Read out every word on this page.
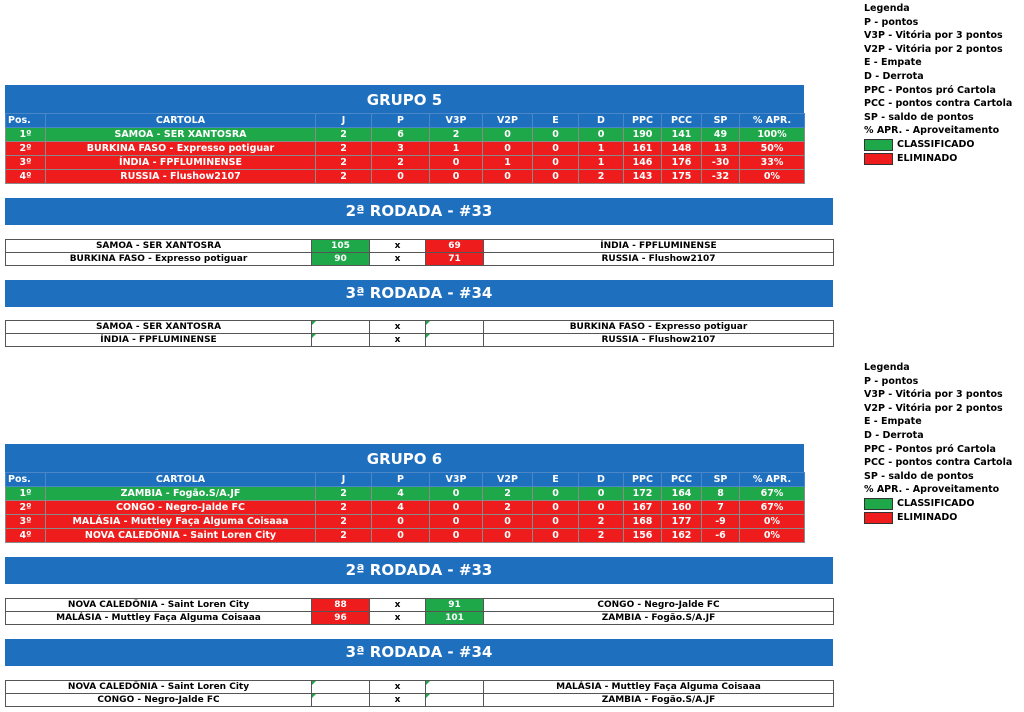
Legenda
P - pontos
V3P - Vitória por 3 pontos
V2P - Vitória por 2 pontos
E - Empate
D - Derrota
PPC - Pontos pró Cartola
PCC - pontos contra Cartola
SP - saldo de pontos
% APR. - Aproveitamento
CLASSIFICADO
ELIMINADO
GRUPO 5
Pos.	CARTOLA	J	P	V3P	V2P	E	D	PPC	PCC	SP	% APR.
1º	SAMOA - SER XANTOSRA	2	6	2	0	0	0	190	141	49	100%
2º	BURKINA FASO - Expresso potiguar	2	3	1	0	0	1	161	148	13	50%
3º	ÍNDIA - FPFLUMINENSE	2	2	0	1	0	1	146	176	-30	33%
4º	RUSSIA - Flushow2107	2	0	0	0	0	2	143	175	-32	0%
2ª RODADA - #33
SAMOA - SER XANTOSRA	105	x	69	ÍNDIA - FPFLUMINENSE
BURKINA FASO - Expresso potiguar	90	x	71	RUSSIA - Flushow2107
3ª RODADA - #34
SAMOA - SER XANTOSRA		x		BURKINA FASO - Expresso potiguar
ÍNDIA - FPFLUMINENSE		x		RUSSIA - Flushow2107
Legenda
P - pontos
V3P - Vitória por 3 pontos
V2P - Vitória por 2 pontos
E - Empate
D - Derrota
PPC - Pontos pró Cartola
PCC - pontos contra Cartola
SP - saldo de pontos
% APR. - Aproveitamento
CLASSIFICADO
ELIMINADO
GRUPO 6
Pos.	CARTOLA	J	P	V3P	V2P	E	D	PPC	PCC	SP	% APR.
1º	ZAMBIA - Fogão.S/A.JF	2	4	0	2	0	0	172	164	8	67%
2º	CONGO - Negro-Jalde FC	2	4	0	2	0	0	167	160	7	67%
3º	MALÁSIA - Muttley Faça Alguma Coisaaa	2	0	0	0	0	2	168	177	-9	0%
4º	NOVA CALEDÔNIA - Saint Loren City	2	0	0	0	0	2	156	162	-6	0%
2ª RODADA - #33
NOVA CALEDÔNIA - Saint Loren City	88	x	91	CONGO - Negro-Jalde FC
MALÁSIA - Muttley Faça Alguma Coisaaa	96	x	101	ZAMBIA - Fogão.S/A.JF
3ª RODADA - #34
NOVA CALEDÔNIA - Saint Loren City		x		MALÁSIA - Muttley Faça Alguma Coisaaa
CONGO - Negro-Jalde FC		x		ZAMBIA - Fogão.S/A.JF
